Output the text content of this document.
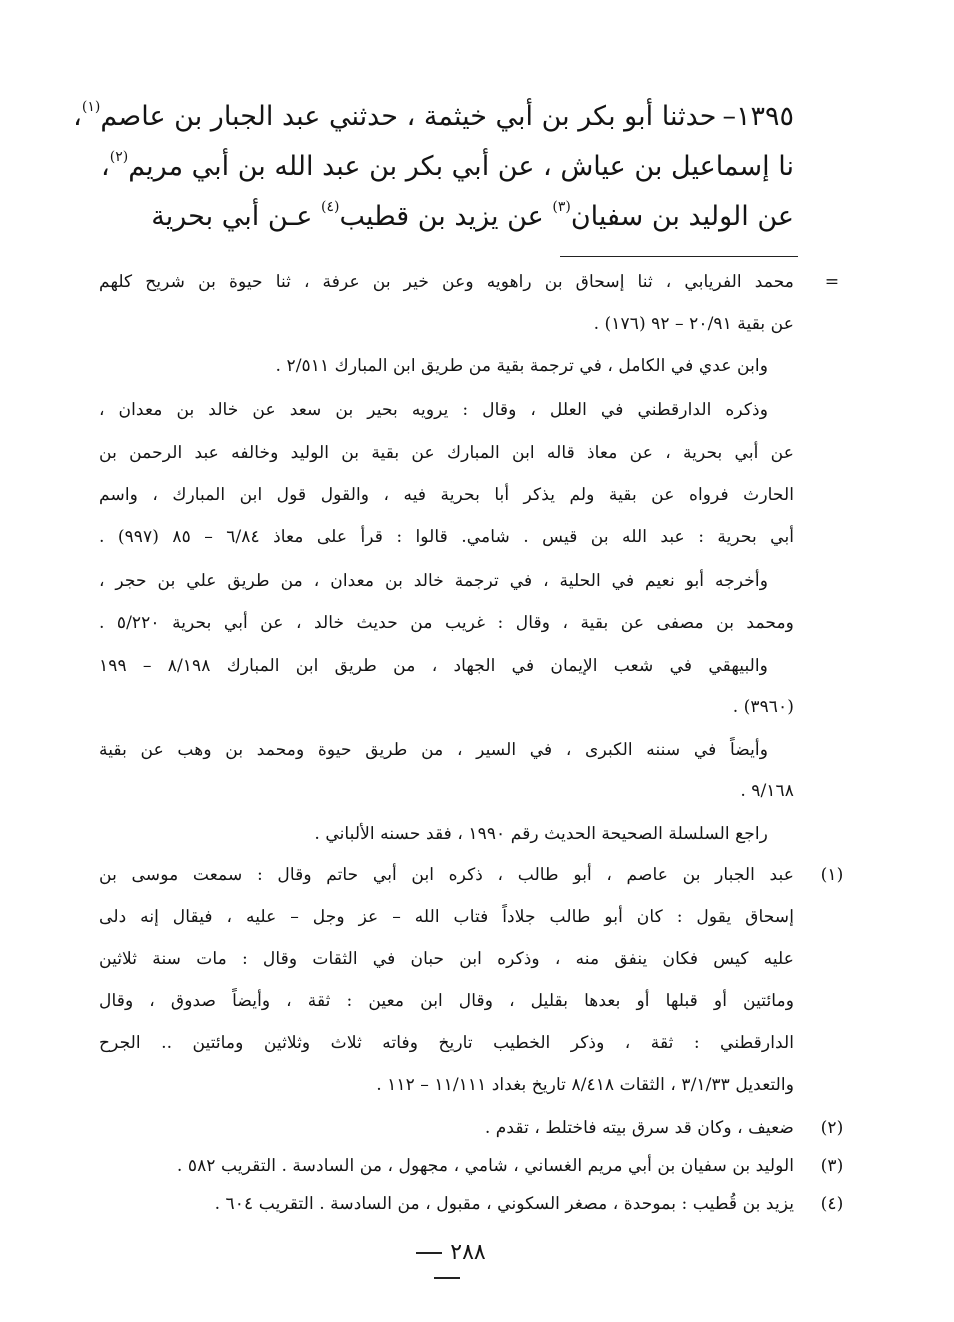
١٣٩٥–حدثنا أبو بكر بن أبي خيثمة ، حدثني عبد الجبار بن عاصم$^{(١)}$،
نا إسماعيل بن عياش ، عن أبي بكر بن عبد الله بن أبي مريم$^{(٢)}$،
عن الوليد بن سفيان$^{(٣)}$ عن يزيد بن قطيب$^{(٤)}$ عـن أبي بحرية
=
محمد الفريابي ، ثنا إسحاق بن راهويه وعن خير بن عرفة ، ثنا حيوة بن شريح كلهم
عن بقية ٢٠/٩١ – ٩٢ (١٧٦) .
وابن عدي في الكامل ، في ترجمة بقية من طريق ابن المبارك ٢/٥١١ .
وذكره الدارقطني في العلل ، وقال : يرويه بحير بن سعد عن خالد بن معدان ،
عن أبي بحرية ، عن معاذ قاله ابن المبارك عن بقية بن الوليد وخالفه عبد الرحمن بن
الحارث فرواه عن بقية ولم يذكر أبا بحرية فيه ، والقول قول ابن المبارك ، واسم
أبي بحرية : عبد الله بن قيس . شامي. قالوا : قرأ على معاذ ٦/٨٤ – ٨٥ (٩٩٧) .
وأخرجه أبو نعيم في الحلية ، في ترجمة خالد بن معدان ، من طريق علي بن حجر ،
ومحمد بن مصفى عن بقية ، وقال : غريب من حديث خالد ، عن أبي بحرية ٥/٢٢٠ .
والبيهقي في شعب الإيمان في الجهاد ، من طريق ابن المبارك ٨/١٩٨ – ١٩٩
(٣٩٦٠) .
وأيضاً في سننه الكبرى ، في السير ، من طريق حيوة ومحمد بن وهب عن بقية
٩/١٦٨ .
راجع السلسلة الصحيحة الحديث رقم ١٩٩٠ ، فقد حسنه الألباني .
(١)
عبد الجبار بن عاصم ، أبو طالب ، ذكره ابن أبي حاتم وقال : سمعت موسى بن
إسحاق يقول : كان أبو طالب جلاداً فتاب الله – عز وجل – عليه ، فيقال إنه دلى
عليه كيس فكان ينفق منه ، وذكره ابن حبان في الثقات وقال : مات سنة ثلاثين
ومائتين أو قبلها أو بعدها بقليل ، وقال ابن معين : ثقة ، وأيضاً صدوق ، وقال
الدارقطني : ثقة ، وذكر الخطيب تاريخ وفاته ثلاث وثلاثين ومائتين .. الجرح
والتعديل ٣/١/٣٣ ، الثقات ٨/٤١٨ تاريخ بغداد ١١/١١١ – ١١٢ .
(٢)
ضعيف ، وكان قد سرق بيته فاختلط ، تقدم .
(٣)
الوليد بن سفيان بن أبي مريم الغساني ، شامي ، مجهول ، من السادسة . التقريب ٥٨٢ .
(٤)
يزيد بن قُطيب : بموحدة ، مصغر السكوني ، مقبول ، من السادسة . التقريب ٦٠٤ .
٢٨٨
